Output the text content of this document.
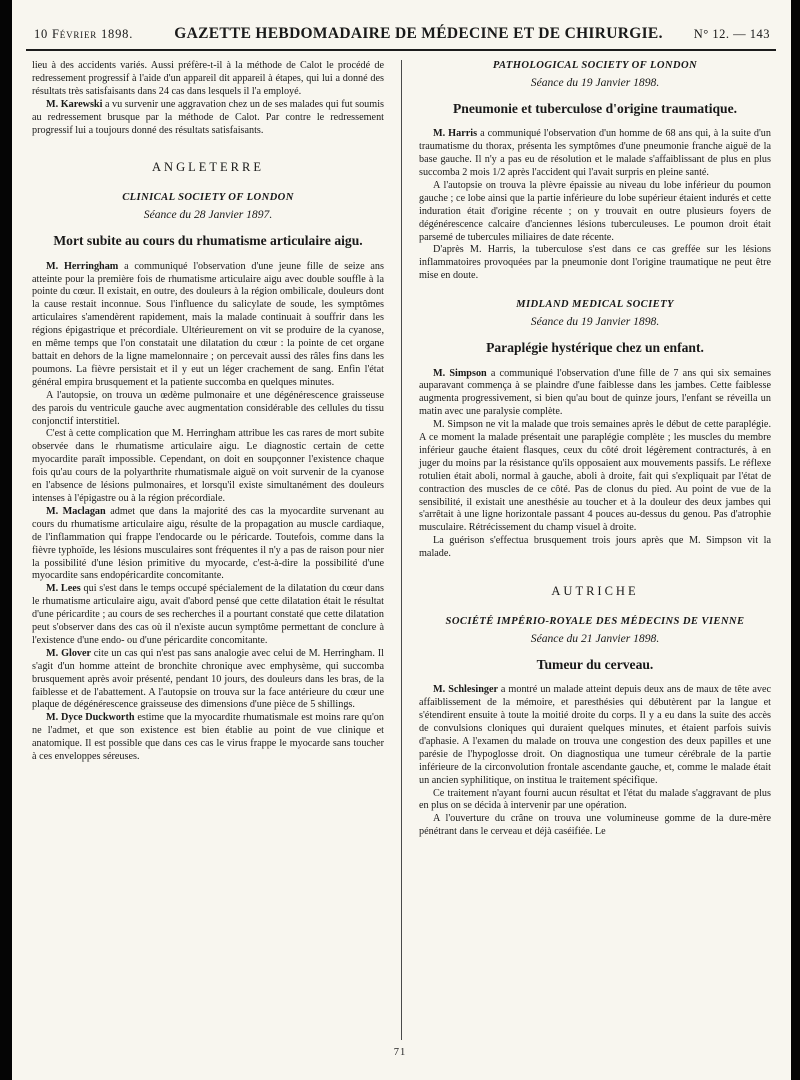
10 Février 1898.	GAZETTE HEBDOMADAIRE DE MÉDECINE ET DE CHIRURGIE.	N° 12. — 143

lieu à des accidents variés. Aussi préfère-t-il à la méthode de Calot le procédé de redressement progressif à l'aide d'un appareil dit appareil à étapes, qui lui a donné des résultats très satisfaisants dans 24 cas dans lesquels il l'a employé.

M. Karewski a vu survenir une aggravation chez un de ses malades qui fut soumis au redressement brusque par la méthode de Calot. Par contre le redressement progressif lui a toujours donné des résultats satisfaisants.

ANGLETERRE
CLINICAL SOCIETY OF LONDON
Séance du 28 Janvier 1897.
Mort subite au cours du rhumatisme articulaire aigu.

M. Herringham a communiqué l'observation d'une jeune fille de seize ans atteinte pour la première fois de rhumatisme articulaire aigu avec double souffle à la pointe du cœur. Il existait, en outre, des douleurs à la région ombilicale, douleurs dont la cause restait inconnue. Sous l'influence du salicylate de soude, les symptômes articulaires s'amendèrent rapidement, mais la malade continuait à souffrir dans les régions épigastrique et précordiale. Ultérieurement on vit se produire de la cyanose, en même temps que l'on constatait une dilatation du cœur : la pointe de cet organe battait en dehors de la ligne mamelonnaire ; on percevait aussi des râles fins dans les poumons. La fièvre persistait et il y eut un léger crachement de sang. Enfin l'état général empira brusquement et la patiente succomba en quelques minutes.

A l'autopsie, on trouva un œdème pulmonaire et une dégénérescence graisseuse des parois du ventricule gauche avec augmentation considérable des cellules du tissu conjonctif interstitiel.

C'est à cette complication que M. Herringham attribue les cas rares de mort subite observée dans le rhumatisme articulaire aigu. Le diagnostic certain de cette myocardite paraît impossible. Cependant, on doit en soupçonner l'existence chaque fois qu'au cours de la polyarthrite rhumatismale aiguë on voit survenir de la cyanose en l'absence de lésions pulmonaires, et lorsqu'il existe simultanément des douleurs intenses à l'épigastre ou à la région précordiale.

M. Maclagan admet que dans la majorité des cas la myocardite survenant au cours du rhumatisme articulaire aigu, résulte de la propagation au muscle cardiaque, de l'inflammation qui frappe l'endocarde ou le péricarde. Toutefois, comme dans la fièvre typhoïde, les lésions musculaires sont fréquentes il n'y a pas de raison pour nier la possibilité d'une lésion primitive du myocarde, c'est-à-dire la possibilité d'une myocardite sans endopéricardite concomitante.

M. Lees qui s'est dans le temps occupé spécialement de la dilatation du cœur dans le rhumatisme articulaire aigu, avait d'abord pensé que cette dilatation était le résultat d'une péricardite ; au cours de ses recherches il a pourtant constaté que cette dilatation peut s'observer dans des cas où il n'existe aucun symptôme permettant de conclure à l'existence d'une endo- ou d'une péricardite concomitante.

M. Glover cite un cas qui n'est pas sans analogie avec celui de M. Herringham. Il s'agit d'un homme atteint de bronchite chronique avec emphysème, qui succomba brusquement après avoir présenté, pendant 10 jours, des douleurs dans les bras, de la faiblesse et de l'abattement. A l'autopsie on trouva sur la face antérieure du cœur une plaque de dégénérescence graisseuse des dimensions d'une pièce de 5 shillings.

M. Dyce Duckworth estime que la myocardite rhumatismale est moins rare qu'on ne l'admet, et que son existence est bien établie au point de vue clinique et anatomique. Il est possible que dans ces cas le virus frappe le myocarde sans toucher à ces enveloppes séreuses.

PATHOLOGICAL SOCIETY OF LONDON
Séance du 19 Janvier 1898.
Pneumonie et tuberculose d'origine traumatique.

M. Harris a communiqué l'observation d'un homme de 68 ans qui, à la suite d'un traumatisme du thorax, présenta les symptômes d'une pneumonie franche aiguë de la base gauche. Il n'y a pas eu de résolution et le malade s'affaiblissant de plus en plus succomba 2 mois 1/2 après l'accident qui l'avait surpris en pleine santé.

A l'autopsie on trouva la plèvre épaissie au niveau du lobe inférieur du poumon gauche ; ce lobe ainsi que la partie inférieure du lobe supérieur étaient indurés et cette induration était d'origine récente ; on y trouvait en outre plusieurs foyers de dégénérescence calcaire d'anciennes lésions tuberculeuses. Le poumon droit était parsemé de tubercules miliaires de date récente.

D'après M. Harris, la tuberculose s'est dans ce cas greffée sur les lésions inflammatoires provoquées par la pneumonie dont l'origine traumatique ne peut être mise en doute.

MIDLAND MEDICAL SOCIETY
Séance du 19 Janvier 1898.
Paraplégie hystérique chez un enfant.

M. Simpson a communiqué l'observation d'une fille de 7 ans qui six semaines auparavant commença à se plaindre d'une faiblesse dans les jambes. Cette faiblesse augmenta progressivement, si bien qu'au bout de quinze jours, l'enfant se réveilla un matin avec une paralysie complète.

M. Simpson ne vit la malade que trois semaines après le début de cette paraplégie. A ce moment la malade présentait une paraplégie complète ; les muscles du membre inférieur gauche étaient flasques, ceux du côté droit légèrement contracturés, à en juger du moins par la résistance qu'ils opposaient aux mouvements passifs. Le réflexe rotulien était aboli, normal à gauche, aboli à droite, fait qui s'expliquait par l'état de contraction des muscles de ce côté. Pas de clonus du pied. Au point de vue de la sensibilité, il existait une anesthésie au toucher et à la douleur des deux jambes qui s'arrêtait à une ligne horizontale passant 4 pouces au-dessus du genou. Pas d'atrophie musculaire. Rétrécissement du champ visuel à droite.

La guérison s'effectua brusquement trois jours après que M. Simpson vit la malade.

AUTRICHE
SOCIÉTÉ IMPÉRIO-ROYALE DES MÉDECINS DE VIENNE
Séance du 21 Janvier 1898.
Tumeur du cerveau.

M. Schlesinger a montré un malade atteint depuis deux ans de maux de tête avec affaiblissement de la mémoire, et paresthésies qui débutèrent par la langue et s'étendirent ensuite à toute la moitié droite du corps. Il y a eu dans la suite des accès de convulsions cloniques qui duraient quelques minutes, et étaient parfois suivis d'aphasie. A l'examen du malade on trouva une congestion des deux papilles et une parésie de l'hypoglosse droit. On diagnostiqua une tumeur cérébrale de la partie inférieure de la circonvolution frontale ascendante gauche, et, comme le malade était un ancien syphilitique, on institua le traitement spécifique.

Ce traitement n'ayant fourni aucun résultat et l'état du malade s'aggravant de plus en plus on se décida à intervenir par une opération.

A l'ouverture du crâne on trouva une volumineuse gomme de la dure-mère pénétrant dans le cerveau et déjà caséifiée. Le

71
